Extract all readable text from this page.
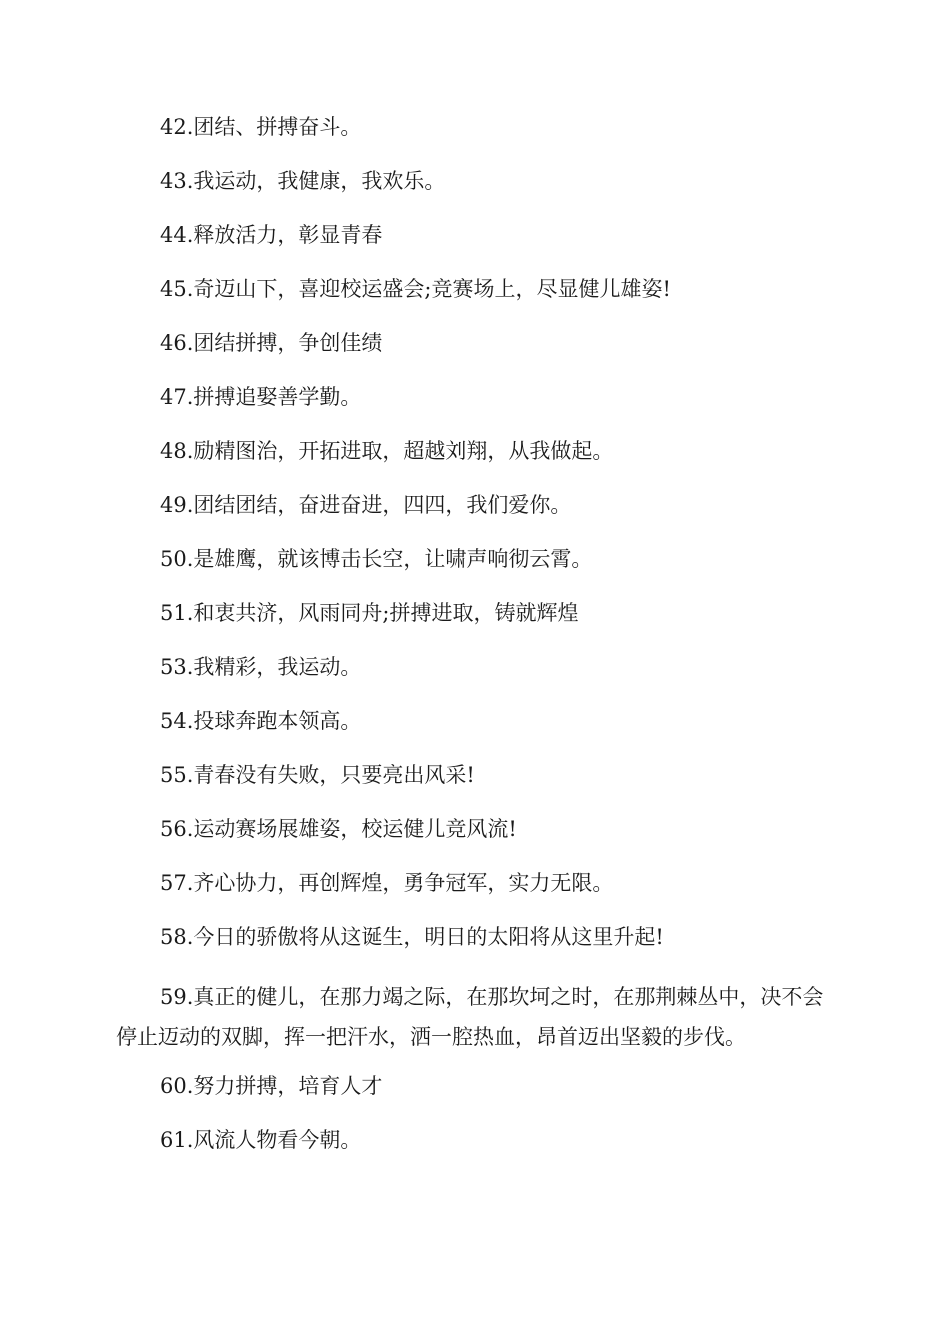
42.团结、拼搏奋斗。

43.我运动，我健康，我欢乐。

44.释放活力，彰显青春

45.奇迈山下，喜迎校运盛会;竞赛场上，尽显健儿雄姿!

46.团结拼搏，争创佳绩

47.拼搏追娶善学勤。

48.励精图治，开拓进取，超越刘翔，从我做起。

49.团结团结，奋进奋进，四四，我们爱你。

50.是雄鹰，就该博击长空，让啸声响彻云霄。

51.和衷共济，风雨同舟;拼搏进取，铸就辉煌

53.我精彩，我运动。

54.投球奔跑本领高。

55.青春没有失败，只要亮出风采!

56.运动赛场展雄姿，校运健儿竞风流!

57.齐心协力，再创辉煌，勇争冠军，实力无限。

58.今日的骄傲将从这诞生，明日的太阳将从这里升起!

59.真正的健儿，在那力竭之际，在那坎坷之时，在那荆棘丛中，决不会停止迈动的双脚，挥一把汗水，洒一腔热血，昂首迈出坚毅的步伐。

60.努力拼搏，培育人才

61.风流人物看今朝。
